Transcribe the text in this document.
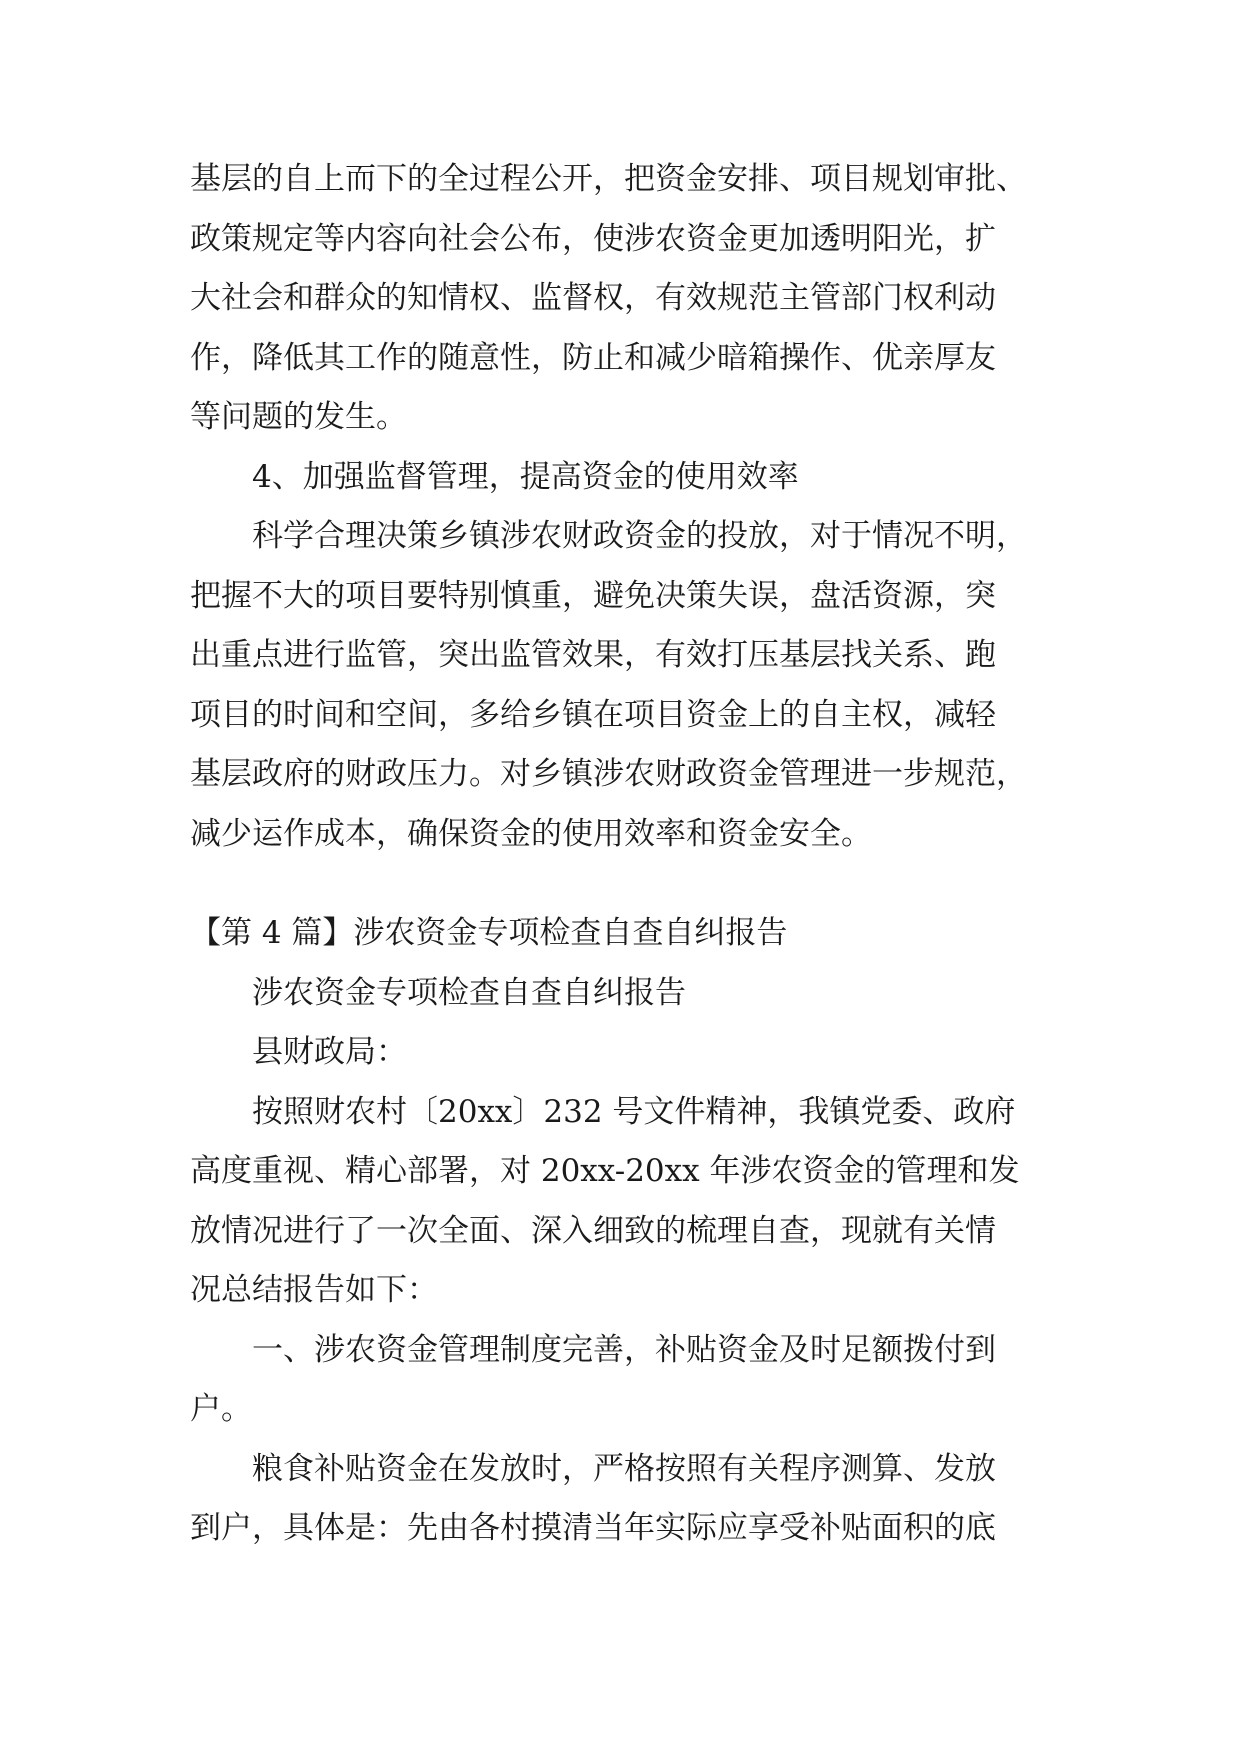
基层的自上而下的全过程公开，把资金安排、项目规划审批、
政策规定等内容向社会公布，使涉农资金更加透明阳光，扩
大社会和群众的知情权、监督权，有效规范主管部门权利动
作，降低其工作的随意性，防止和减少暗箱操作、优亲厚友
等问题的发生。
4、加强监督管理，提高资金的使用效率
科学合理决策乡镇涉农财政资金的投放，对于情况不明，
把握不大的项目要特别慎重，避免决策失误，盘活资源，突
出重点进行监管，突出监管效果，有效打压基层找关系、跑
项目的时间和空间，多给乡镇在项目资金上的自主权，减轻
基层政府的财政压力。对乡镇涉农财政资金管理进一步规范，
减少运作成本，确保资金的使用效率和资金安全。
【第 4 篇】涉农资金专项检查自查自纠报告
涉农资金专项检查自查自纠报告
县财政局：
按照财农村〔20xx〕232 号文件精神，我镇党委、政府
高度重视、精心部署，对 20xx-20xx 年涉农资金的管理和发
放情况进行了一次全面、深入细致的梳理自查，现就有关情
况总结报告如下：
一、涉农资金管理制度完善，补贴资金及时足额拨付到
户。
粮食补贴资金在发放时，严格按照有关程序测算、发放
到户，具体是：先由各村摸清当年实际应享受补贴面积的底
